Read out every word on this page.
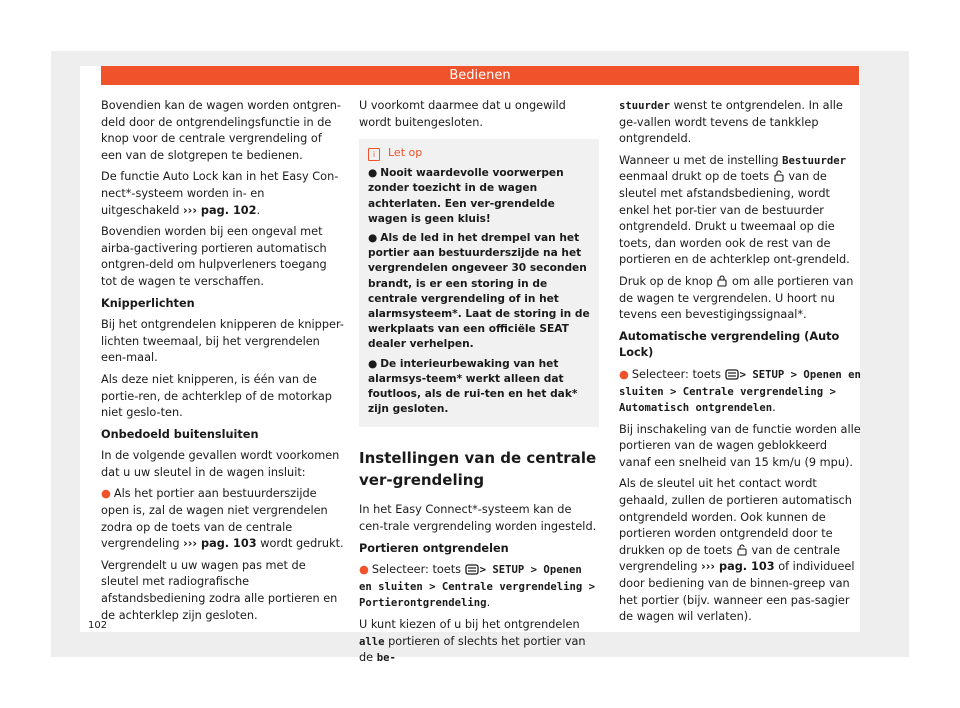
Bedienen

Bovendien kan de wagen worden ontgren-deld door de ontgrendelingsfunctie in de knop voor de centrale vergrendeling of een van de slotgrepen te bedienen.

De functie Auto Lock kan in het Easy Con-nect*-systeem worden in- en uitgeschakeld ››› pag. 102.

Bovendien worden bij een ongeval met airba-gactivering portieren automatisch ontgren-deld om hulpverleners toegang tot de wagen te verschaffen.

Knipperlichten

Bij het ontgrendelen knipperen de knipper-lichten tweemaal, bij het vergrendelen een-maal.

Als deze niet knipperen, is één van de portie-ren, de achterklep of de motorkap niet geslo-ten.

Onbedoeld buitensluiten

In de volgende gevallen wordt voorkomen dat u uw sleutel in de wagen insluit:

● Als het portier aan bestuurderszijde open is, zal de wagen niet vergrendelen zodra op de toets van de centrale vergrendeling ››› pag. 103 wordt gedrukt.

Vergrendelt u uw wagen pas met de sleutel met radiografische afstandsbediening zodra alle portieren en de achterklep zijn gesloten.

U voorkomt daarmee dat u ongewild wordt buitengesloten.

i Let op

● Nooit waardevolle voorwerpen zonder toezicht in de wagen achterlaten. Een ver-grendelde wagen is geen kluis!

● Als de led in het drempel van het portier aan bestuurderszijde na het vergrendelen ongeveer 30 seconden brandt, is er een storing in de centrale vergrendeling of in het alarmsysteem*. Laat de storing in de werkplaats van een officiële SEAT dealer verhelpen.

● De interieurbewaking van het alarmsys-teem* werkt alleen dat foutloos, als de rui-ten en het dak* zijn gesloten.

Instellingen van de centrale ver-grendeling

In het Easy Connect*-systeem kan de cen-trale vergrendeling worden ingesteld.

Portieren ontgrendelen

● Selecteer: toets > SETUP > Openen en sluiten > Centrale vergrendeling > Portierontgrendeling.

U kunt kiezen of u bij het ontgrendelen alle portieren of slechts het portier van de be-

stuurder wenst te ontgrendelen. In alle ge-vallen wordt tevens de tankklep ontgrendeld.

Wanneer u met de instelling Bestuurder eenmaal drukt op de toets  van de sleutel met afstandsbediening, wordt enkel het por-tier van de bestuurder ontgrendeld. Drukt u tweemaal op die toets, dan worden ook de rest van de portieren en de achterklep ont-grendeld.

Druk op de knop  om alle portieren van de wagen te vergrendelen. U hoort nu tevens een bevestigingssignaal*.

Automatische vergrendeling (Auto Lock)

● Selecteer: toets > SETUP > Openen en sluiten > Centrale vergrendeling > Automatisch ontgrendelen.

Bij inschakeling van de functie worden alle portieren van de wagen geblokkeerd vanaf een snelheid van 15 km/u (9 mpu).

Als de sleutel uit het contact wordt gehaald, zullen de portieren automatisch ontgrendeld worden. Ook kunnen de portieren worden ontgrendeld door te drukken op de toets  van de centrale vergrendeling ››› pag. 103 of individueel door bediening van de binnen-greep van het portier (bijv. wanneer een pas-sagier de wagen wil verlaten).

102
